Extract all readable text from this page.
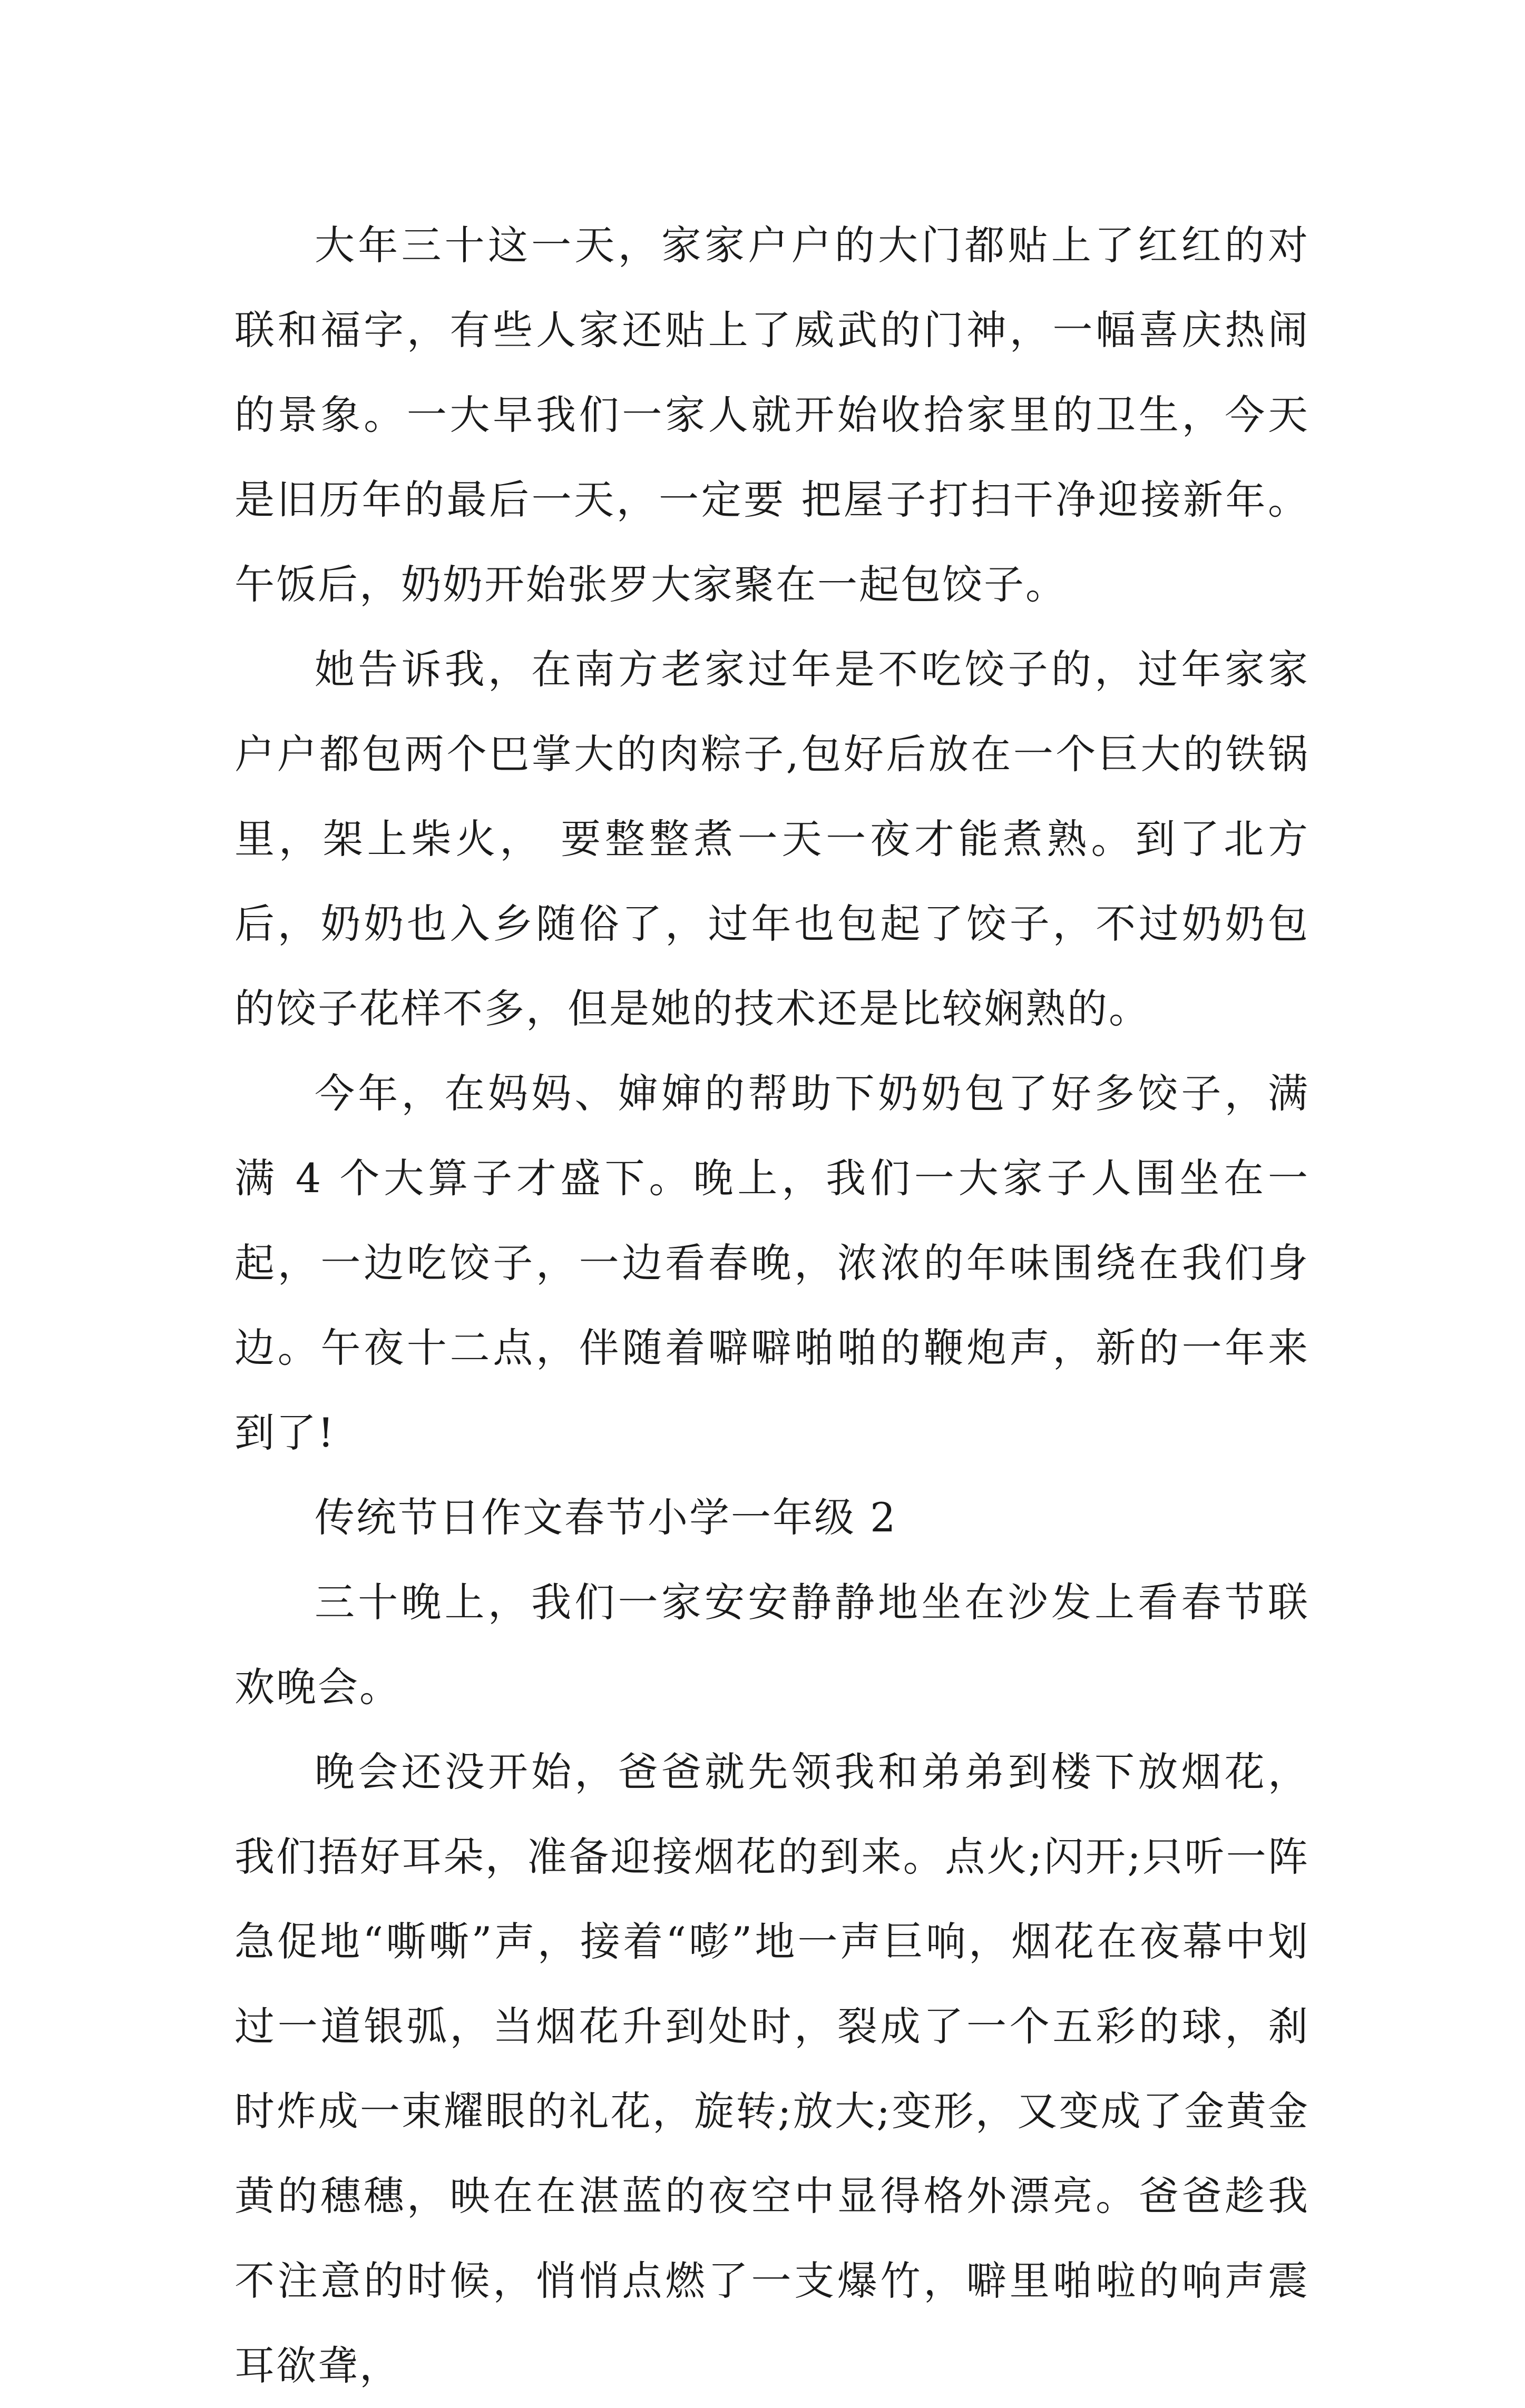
大年三十这一天，家家户户的大门都贴上了红红的对联和福字，有些人家还贴上了威武的门神，一幅喜庆热闹的景象。一大早我们一家人就开始收拾家里的卫生，今天是旧历年的最后一天，一定要 把屋子打扫干净迎接新年。午饭后，奶奶开始张罗大家聚在一起包饺子。

她告诉我，在南方老家过年是不吃饺子的，过年家家户户都包两个巴掌大的肉粽子,包好后放在一个巨大的铁锅里，架上柴火， 要整整煮一天一夜才能煮熟。到了北方后，奶奶也入乡随俗了，过年也包起了饺子，不过奶奶包的饺子花样不多，但是她的技术还是比较娴熟的。

今年，在妈妈、婶婶的帮助下奶奶包了好多饺子，满满 4 个大算子才盛下。晚上，我们一大家子人围坐在一起，一边吃饺子，一边看春晚，浓浓的年味围绕在我们身边。午夜十二点，伴随着噼噼啪啪的鞭炮声，新的一年来到了!

传统节日作文春节小学一年级 2

三十晚上，我们一家安安静静地坐在沙发上看春节联欢晚会。

晚会还没开始，爸爸就先领我和弟弟到楼下放烟花，我们捂好耳朵，准备迎接烟花的到来。点火;闪开;只听一阵急促地“嘶嘶”声，接着“嘭”地一声巨响，烟花在夜幕中划过一道银弧，当烟花升到处时，裂成了一个五彩的球，刹时炸成一束耀眼的礼花，旋转;放大;变形，又变成了金黄金黄的穗穗，映在在湛蓝的夜空中显得格外漂亮。爸爸趁我不注意的时候，悄悄点燃了一支爆竹，噼里啪啦的响声震耳欲聋，
